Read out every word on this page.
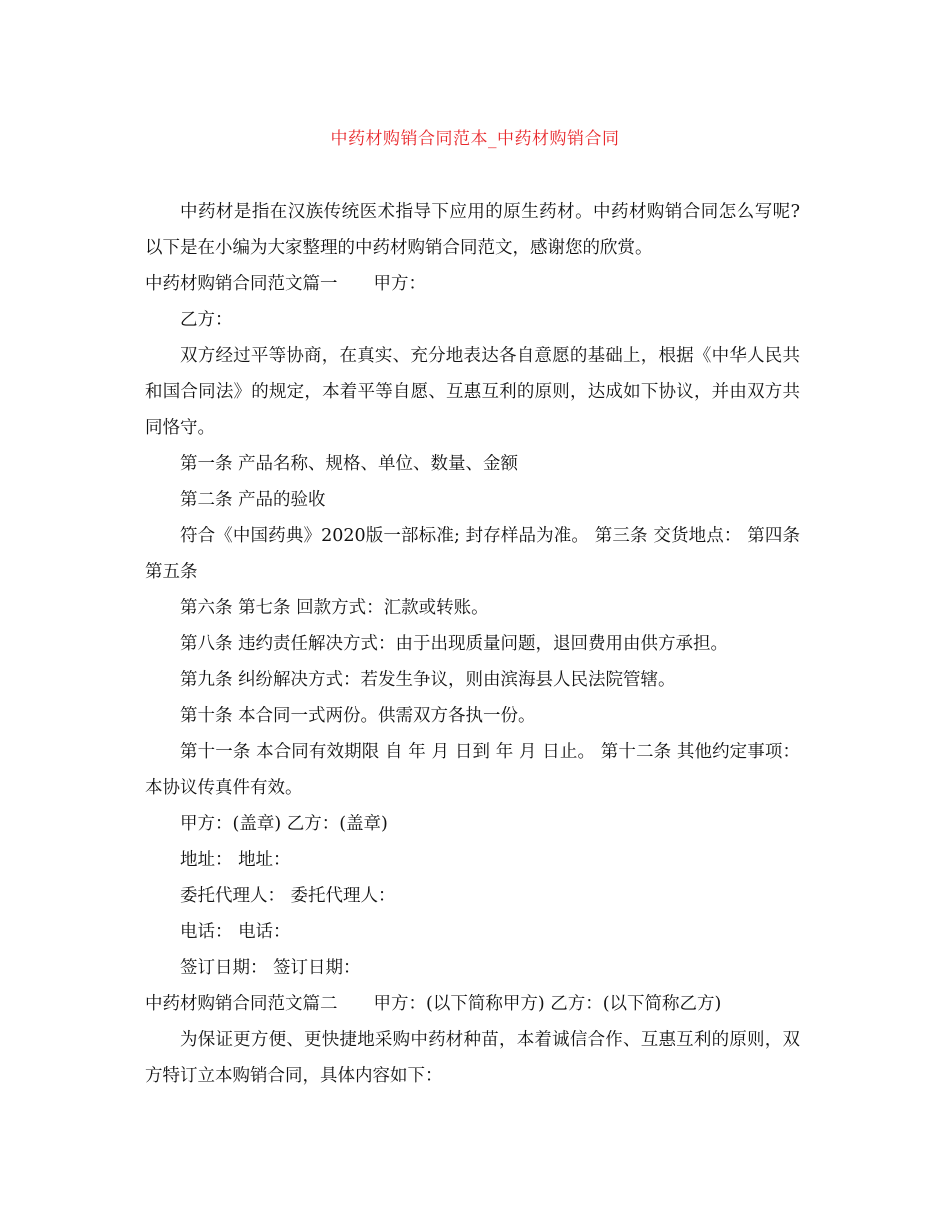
中药材购销合同范本_中药材购销合同

中药材是指在汉族传统医术指导下应用的原生药材。中药材购销合同怎么写呢?以下是在小编为大家整理的中药材购销合同范文，感谢您的欣赏。

中药材购销合同范文篇一 甲方：

乙方：

双方经过平等协商，在真实、充分地表达各自意愿的基础上，根据《中华人民共和国合同法》的规定，本着平等自愿、互惠互利的原则，达成如下协议，并由双方共同恪守。

第一条 产品名称、规格、单位、数量、金额

第二条 产品的验收

符合《中国药典》2020版一部标准; 封存样品为准。 第三条 交货地点： 第四条 第五条

第六条 第七条 回款方式：汇款或转账。

第八条 违约责任解决方式：由于出现质量问题，退回费用由供方承担。

第九条 纠纷解决方式：若发生争议，则由滨海县人民法院管辖。

第十条 本合同一式两份。供需双方各执一份。

第十一条 本合同有效期限 自 年 月 日到 年 月 日止。 第十二条 其他约定事项：本协议传真件有效。

甲方：(盖章) 乙方：(盖章)

地址： 地址：

委托代理人： 委托代理人：

电话： 电话：

签订日期： 签订日期：

中药材购销合同范文篇二 甲方：(以下简称甲方) 乙方：(以下简称乙方)

为保证更方便、更快捷地采购中药材种苗，本着诚信合作、互惠互利的原则，双方特订立本购销合同，具体内容如下：
